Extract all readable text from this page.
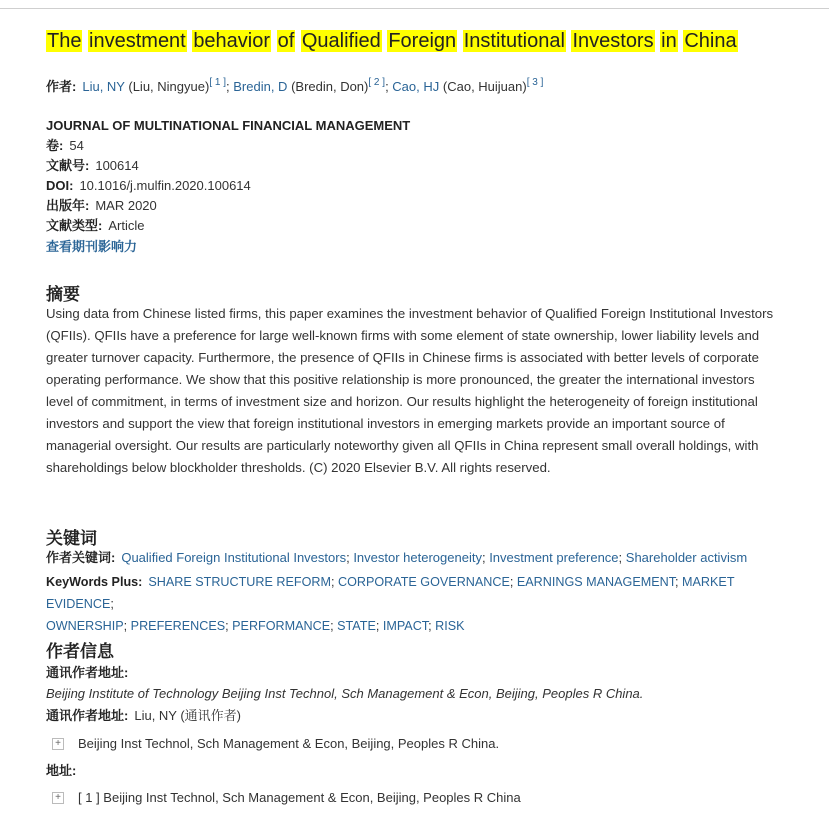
The investment behavior of Qualified Foreign Institutional Investors in China
作者: Liu, NY (Liu, Ningyue)[ 1 ]; Bredin, D (Bredin, Don)[ 2 ]; Cao, HJ (Cao, Huijuan)[ 3 ]
JOURNAL OF MULTINATIONAL FINANCIAL MANAGEMENT
卷: 54
文献号: 100614
DOI: 10.1016/j.mulfin.2020.100614
出版年: MAR 2020
文献类型: Article
查看期刊影响力
摘要
Using data from Chinese listed firms, this paper examines the investment behavior of Qualified Foreign Institutional Investors (QFIIs). QFIIs have a preference for large well-known firms with some element of state ownership, lower liability levels and greater turnover capacity. Furthermore, the presence of QFIIs in Chinese firms is associated with better levels of corporate operating performance. We show that this positive relationship is more pronounced, the greater the international investors level of commitment, in terms of investment size and horizon. Our results highlight the heterogeneity of foreign institutional investors and support the view that foreign institutional investors in emerging markets provide an important source of managerial oversight. Our results are particularly noteworthy given all QFIIs in China represent small overall holdings, with shareholdings below blockholder thresholds. (C) 2020 Elsevier B.V. All rights reserved.
关键词
作者关键词: Qualified Foreign Institutional Investors; Investor heterogeneity; Investment preference; Shareholder activism
KeyWords Plus: SHARE STRUCTURE REFORM; CORPORATE GOVERNANCE; EARNINGS MANAGEMENT; MARKET EVIDENCE;
OWNERSHIP; PREFERENCES; PERFORMANCE; STATE; IMPACT; RISK
作者信息
通讯作者地址:
Beijing Institute of Technology Beijing Inst Technol, Sch Management & Econ, Beijing, Peoples R China.
通讯作者地址: Liu, NY (通讯作者)
+ Beijing Inst Technol, Sch Management & Econ, Beijing, Peoples R China.
地址:
+ [ 1 ] Beijing Inst Technol, Sch Management & Econ, Beijing, Peoples R China
